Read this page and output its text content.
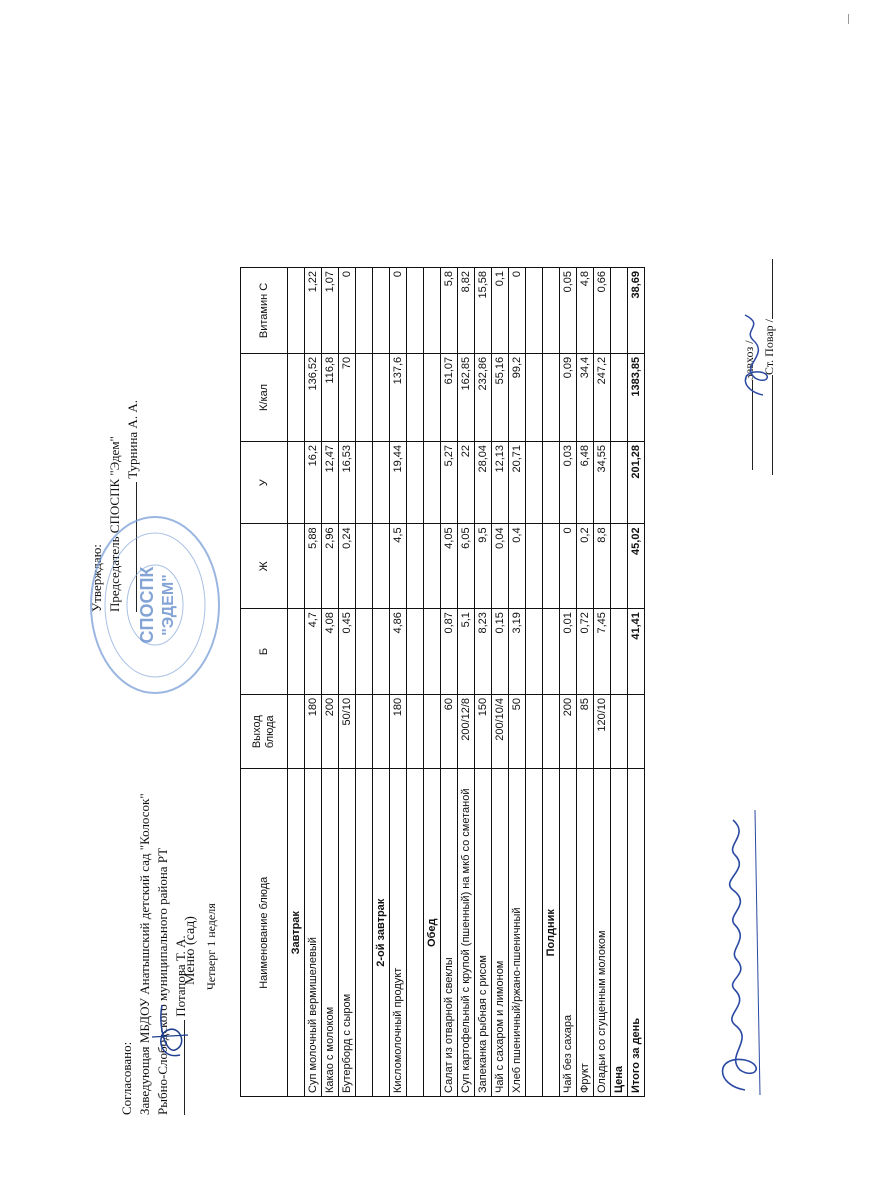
Согласовано: Заведующая МБДОУ Анатышский детский сад "Колосок" Рыбно-Слободского муниципального района РТ Потапова Т. А.
Меню (сад) Четверг 1 неделя
Утверждаю: Председатель СПОСПК "Эдем" Турнина А. А.
СПОСПК "ЭДЕМ"
Наименование блюда	Выход блюда	Б	Ж	У	К/кал	Витамин С
Завтрак						
Суп молочный вермишелевый	180	4,7	5,88	16,2	136,52	1,22
Какао с молоком	200	4,08	2,96	12,47	116,8	1,07
Бутерборд с сыром	50/10	0,45	0,24	16,53	70	0

2-ой завтрак						
Кисломолочный продукт	180	4,86	4,5	19,44	137,6	0

Обед						
Салат из отварной свеклы	60	0,87	4,05	5,27	61,07	5,8
Суп картофельный с крупой (пшенный) на мкб со сметаной	200/12/8	5,1	6,05	22	162,85	8,82
Запеканка рыбная с рисом	150	8,23	9,5	28,04	232,86	15,58
Чай с сахаром и лимоном	200/10/4	0,15	0,04	12,13	55,16	0,1
Хлеб пшеничный/ржано-пшеничный	50	3,19	0,4	20,71	99,2	0

Полдник						
Чай без сахара	200	0,01	0	0,03	0,09	0,05
Фрукт	85	0,72	0,2	6,48	34,4	4,8
Оладьи со сгущенным молоком	120/10	7,45	8,8	34,55	247,2	0,66
Цена						
Итого за день		41,41	45,02	201,28	1383,85	38,69
Завхоз / Ст. Повар /
